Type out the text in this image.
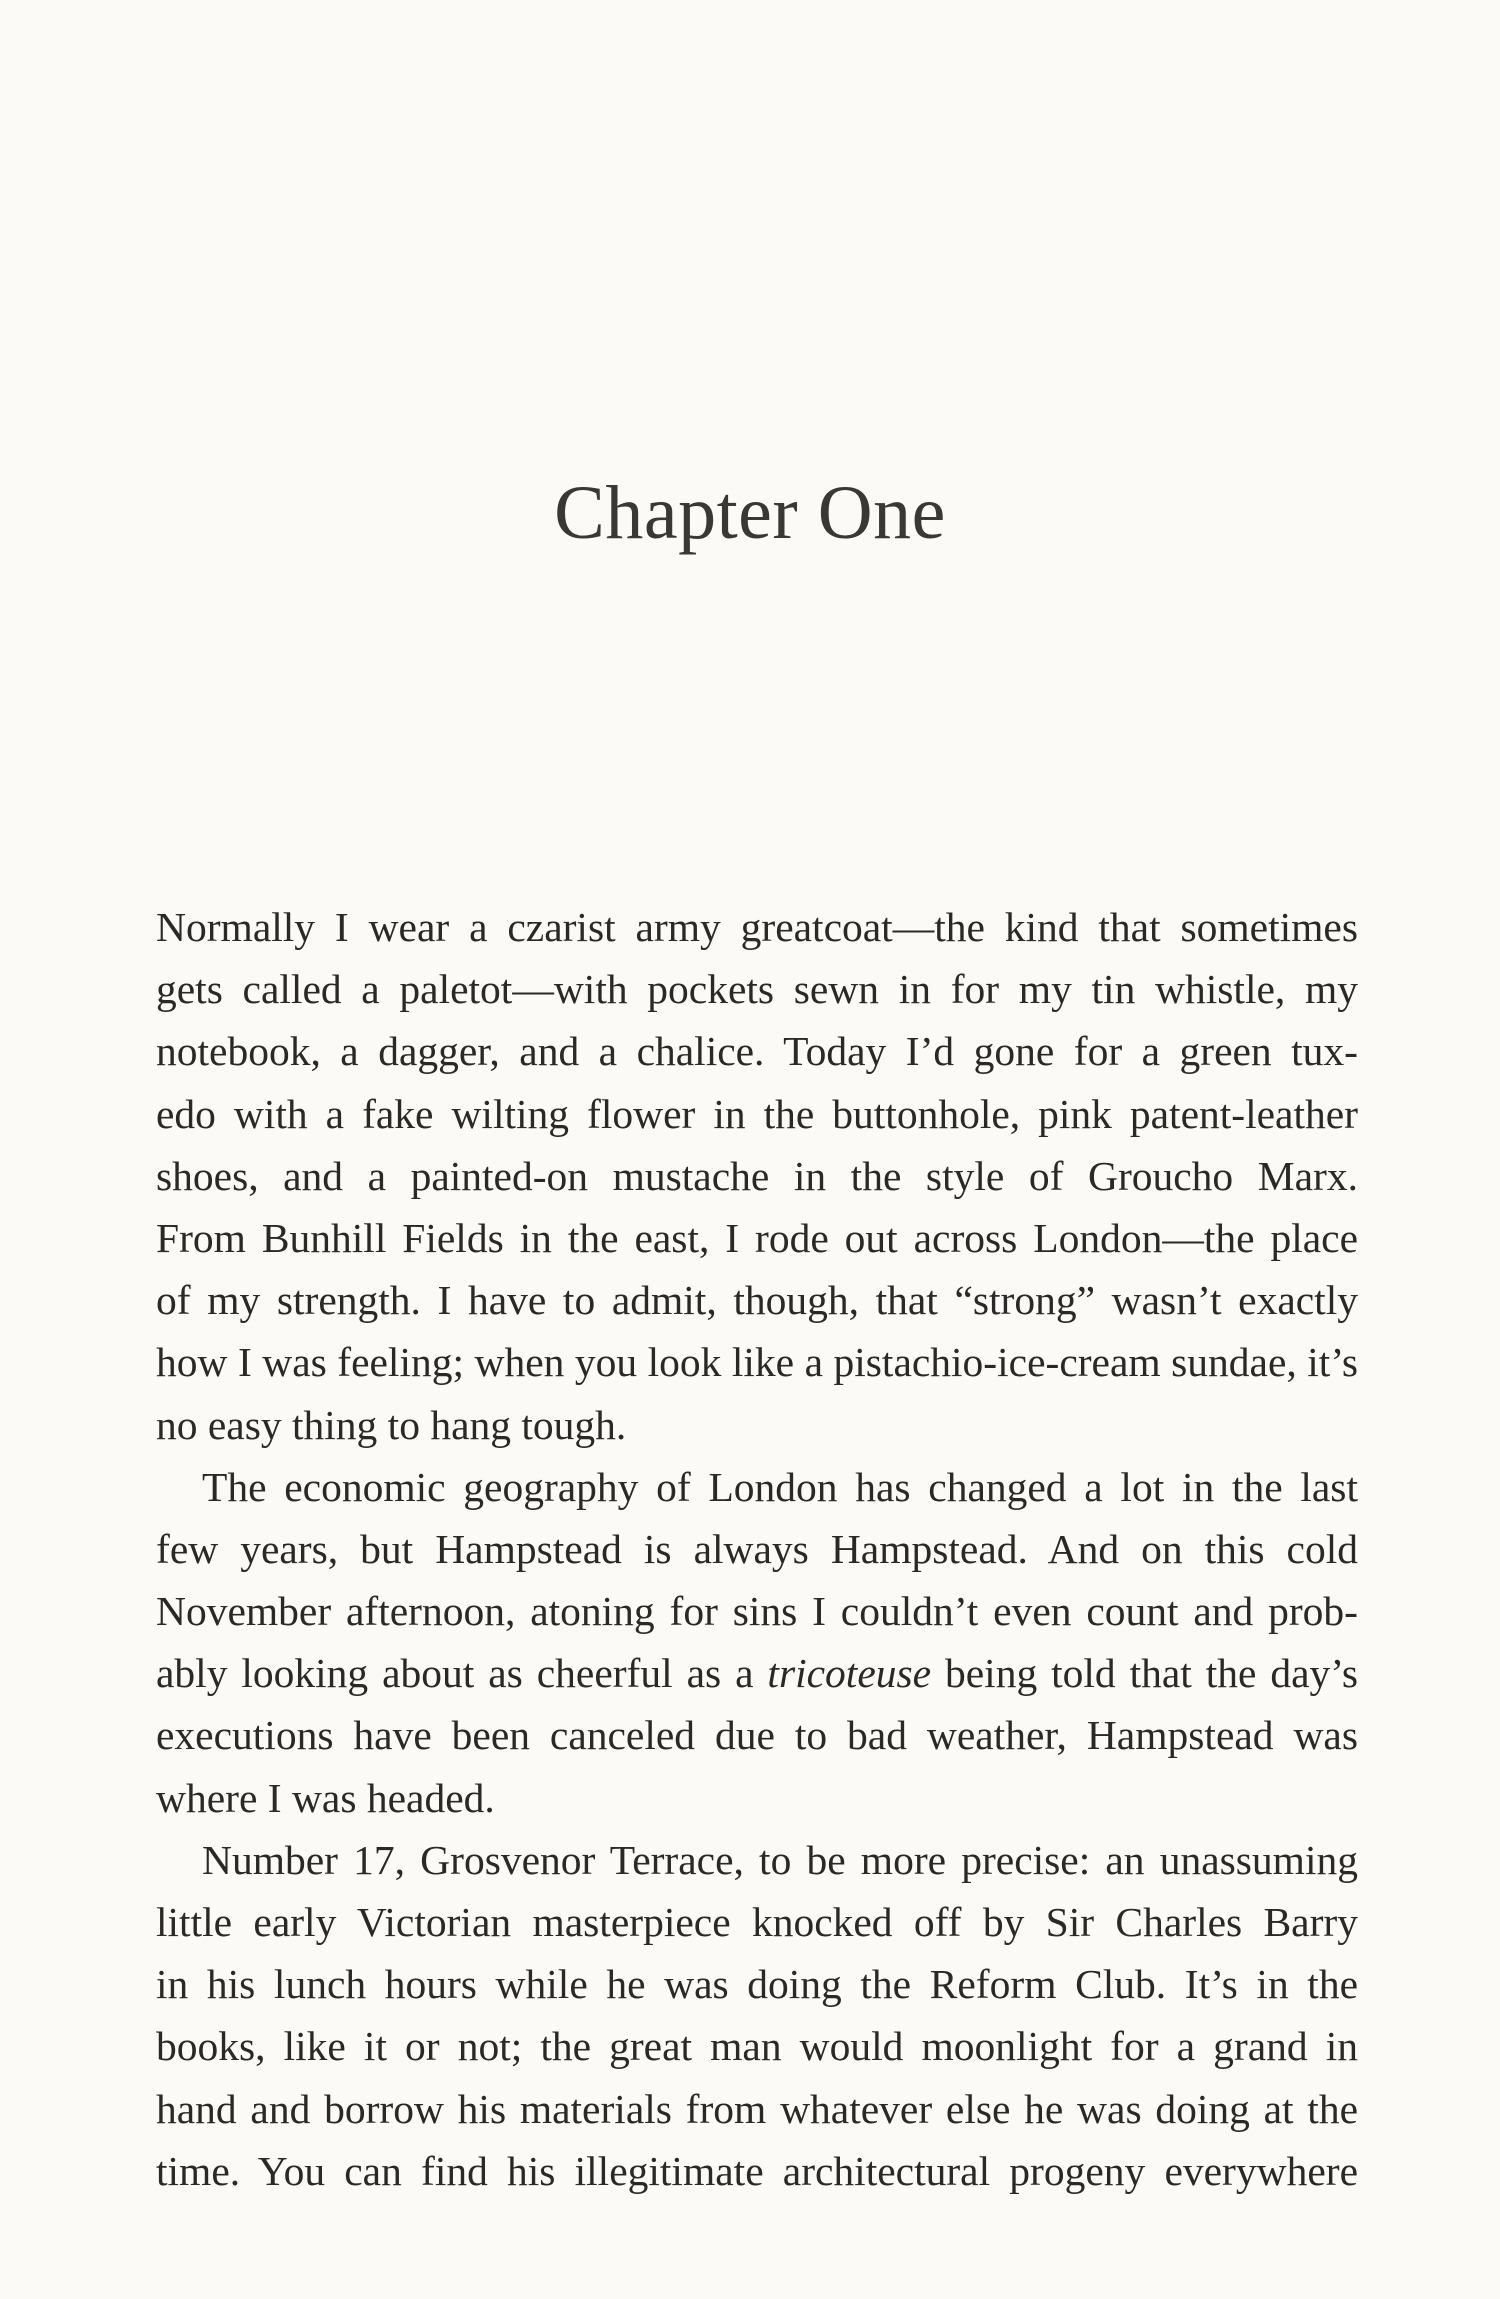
Chapter One
Normally I wear a czarist army greatcoat—the kind that sometimes
gets called a paletot—with pockets sewn in for my tin whistle, my
notebook, a dagger, and a chalice. Today I’d gone for a green tux-
edo with a fake wilting flower in the buttonhole, pink patent-leather
shoes, and a painted-on mustache in the style of Groucho Marx.
From Bunhill Fields in the east, I rode out across London—the place
of my strength. I have to admit, though, that “strong” wasn’t exactly
how I was feeling; when you look like a pistachio-ice-cream sundae, it’s
no easy thing to hang tough.
The economic geography of London has changed a lot in the last
few years, but Hampstead is always Hampstead. And on this cold
November afternoon, atoning for sins I couldn’t even count and prob-
ably looking about as cheerful as a tricoteuse being told that the day’s
executions have been canceled due to bad weather, Hampstead was
where I was headed.
Number 17, Grosvenor Terrace, to be more precise: an unassuming
little early Victorian masterpiece knocked off by Sir Charles Barry
in his lunch hours while he was doing the Reform Club. It’s in the
books, like it or not; the great man would moonlight for a grand in
hand and borrow his materials from whatever else he was doing at the
time. You can find his illegitimate architectural progeny everywhere
